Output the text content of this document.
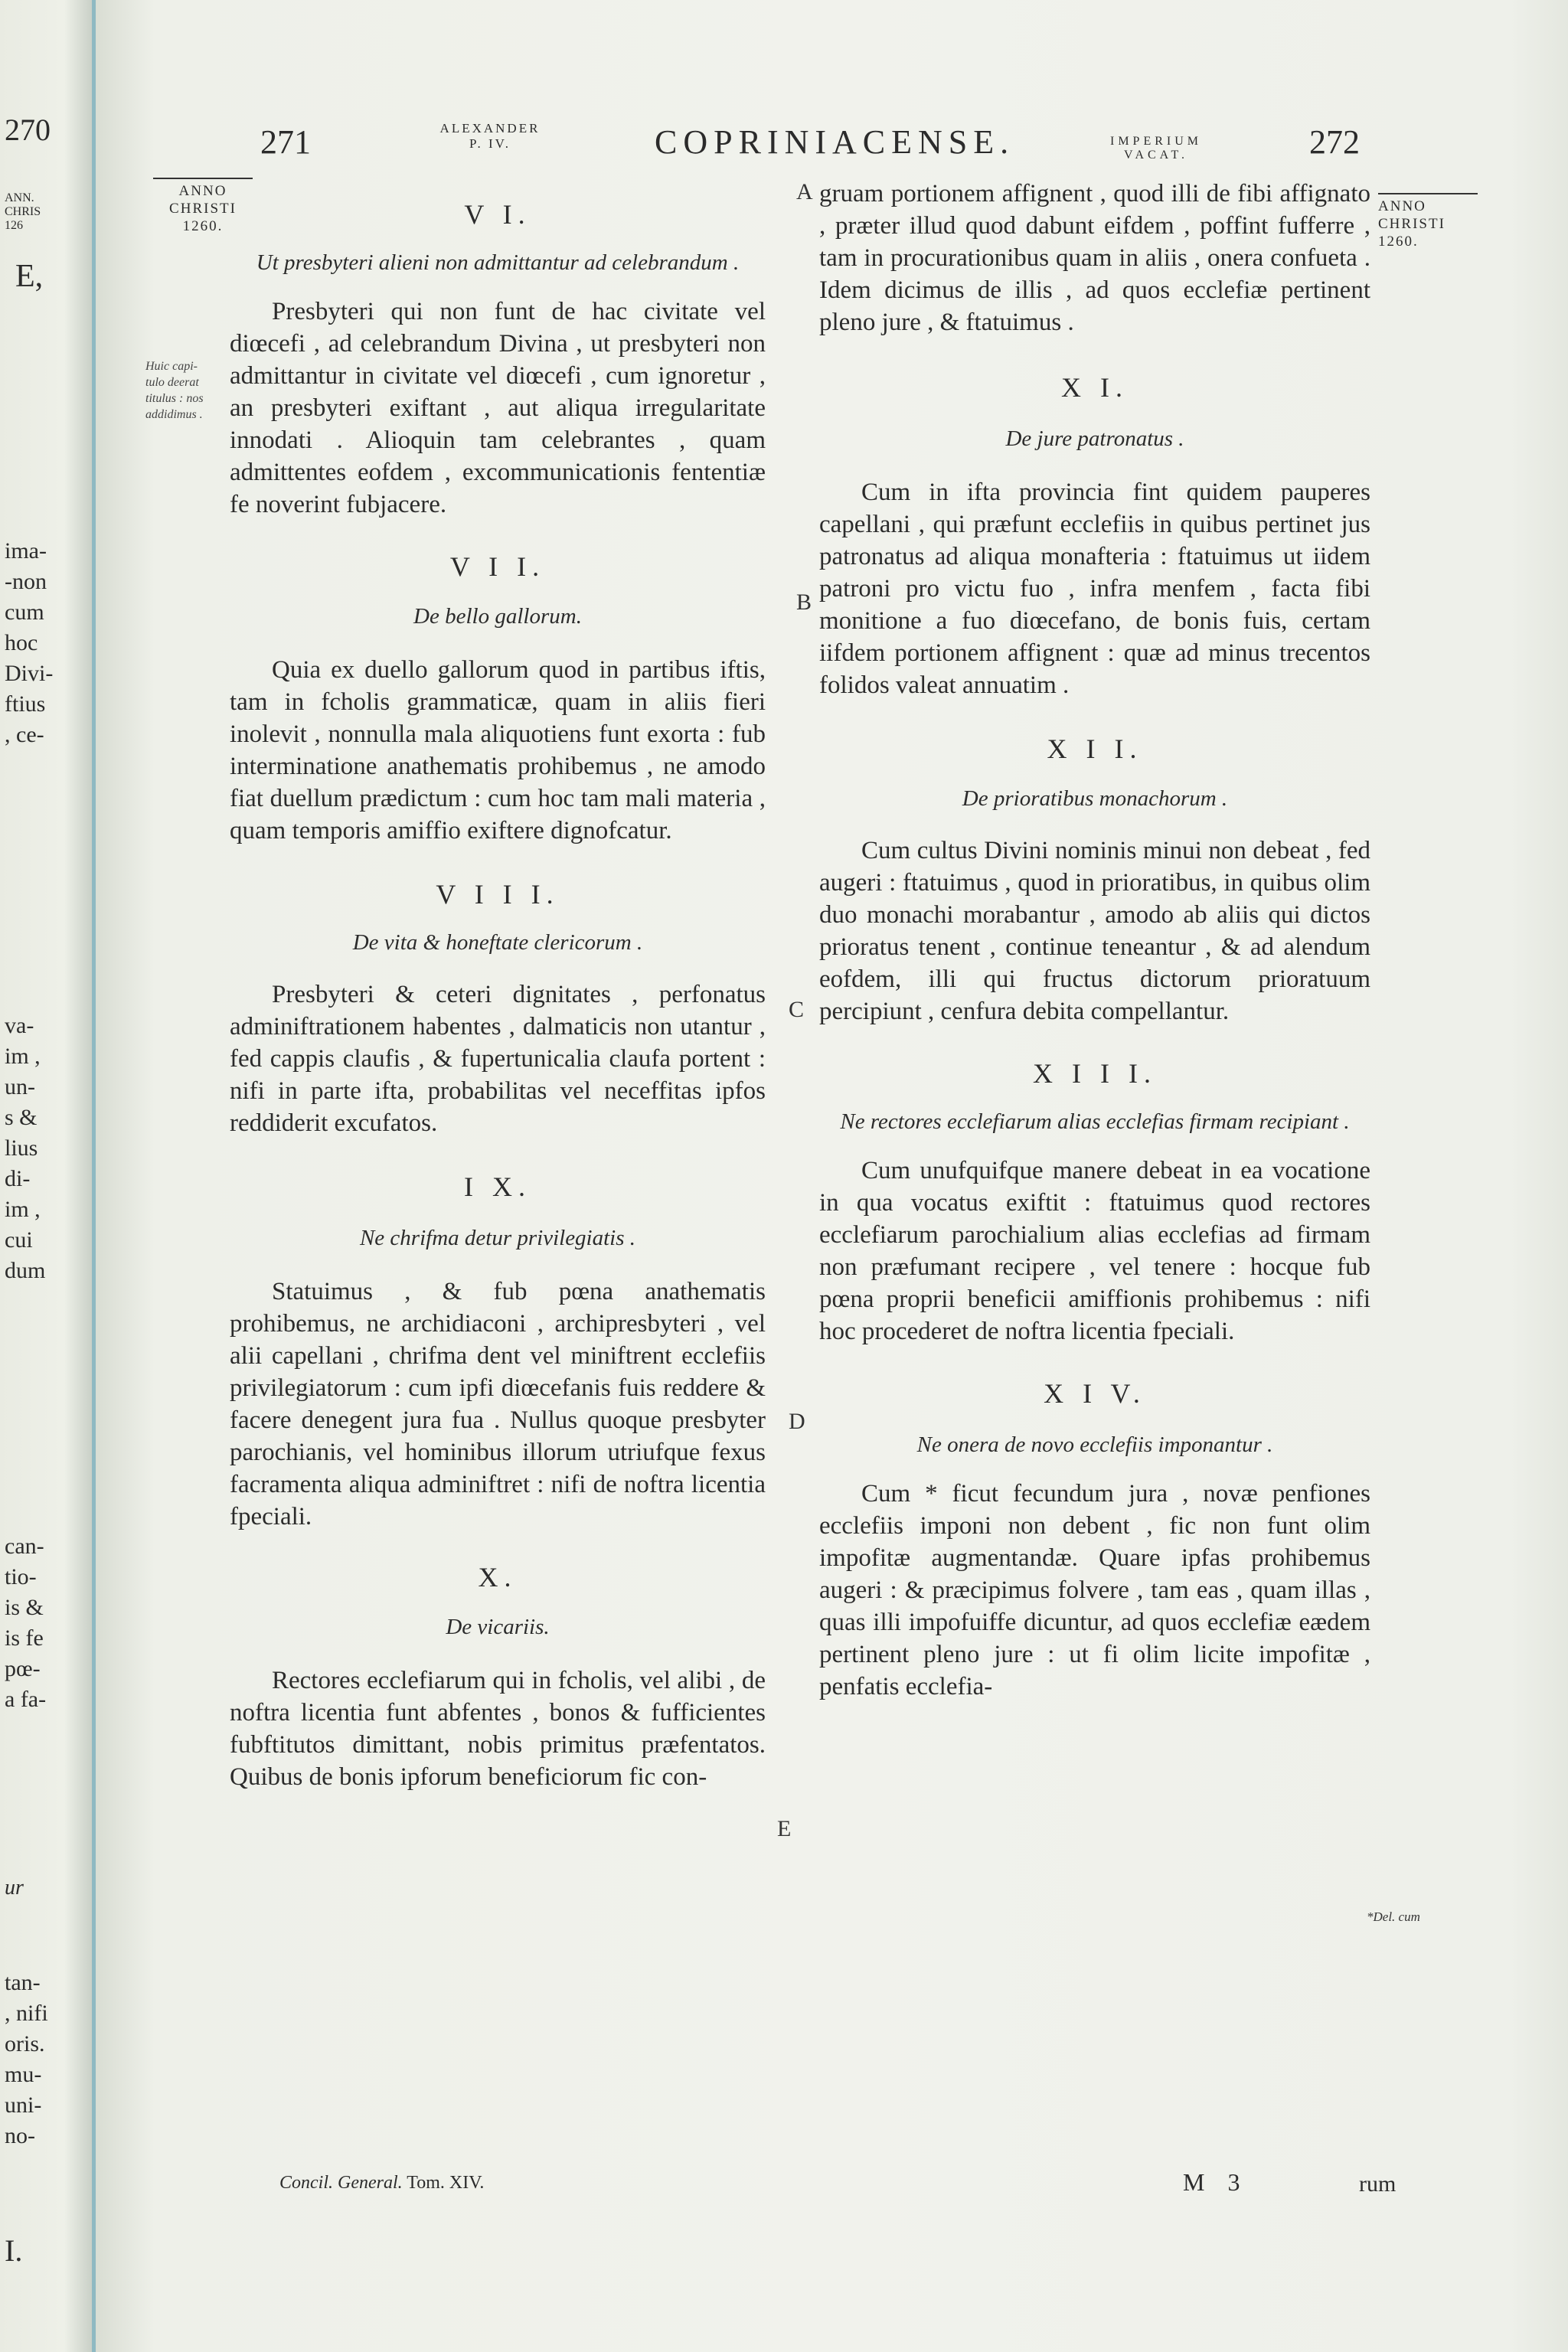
270
ANN.
CHRIS
126
E,
ima-
-non
cum
hoc
Divi-
ftius
, ce-
va-
im ,
un-
s &
lius
di-
im ,
cui
dum
can-
tio-
is &
is fe
pœ-
a fa-
ur
tan-
, nifi
oris.
mu-
uni-
no-
I.
271	ALEXANDER
P. IV.	COPRINIACENSE.	IMPERIUM
VACAT.	272
ANNO
CHRISTI
1260.
ANNO
CHRISTI
1260.
Huic capi-
tulo deerat
titulus : nos
addidimus .
*Del. cum
A
B
C
D
E

V I.

Ut presbyteri alieni non admittantur ad celebrandum .

Presbyteri qui non funt de hac civitate vel diœcefi , ad celebrandum Divina , ut presbyteri non admittantur in civitate vel diœcefi , cum ignoretur , an presbyteri exiftant , aut aliqua irregularitate innodati . Alioquin tam celebrantes , quam admittentes eofdem , excommunicationis fententiæ fe noverint fubjacere.

V I I.

De bello gallorum.

Quia ex duello gallorum quod in partibus iftis, tam in fcholis grammaticæ, quam in aliis fieri inolevit , nonnulla mala aliquotiens funt exorta : fub interminatione anathematis prohibemus , ne amodo fiat duellum prædictum : cum hoc tam mali materia , quam temporis amiffio exiftere dignofcatur.

V I I I.

De vita & honeftate clericorum .

Presbyteri & ceteri dignitates , perfonatus adminiftrationem habentes , dalmaticis non utantur , fed cappis claufis , & fupertunicalia claufa portent : nifi in parte ifta, probabilitas vel neceffitas ipfos reddiderit excufatos.

I X.

Ne chrifma detur privilegiatis .

Statuimus , & fub pœna anathematis prohibemus, ne archidiaconi , archipresbyteri , vel alii capellani , chrifma dent vel miniftrent ecclefiis privilegiatorum : cum ipfi diœcefanis fuis reddere & facere denegent jura fua . Nullus quoque presbyter parochianis, vel hominibus illorum utriufque fexus facramenta aliqua adminiftret : nifi de noftra licentia fpeciali.

X.

De vicariis.

Rectores ecclefiarum qui in fcholis, vel alibi , de noftra licentia funt abfentes , bonos & fufficientes fubftitutos dimittant, nobis primitus præfentatos. Quibus de bonis ipforum beneficiorum fic con-

gruam portionem affignent , quod illi de fibi affignato , præter illud quod dabunt eifdem , poffint fufferre , tam in procurationibus quam in aliis , onera confueta . Idem dicimus de illis , ad quos ecclefiæ pertinent pleno jure , & ftatuimus .

X I.

De jure patronatus .

Cum in ifta provincia fint quidem pauperes capellani , qui præfunt ecclefiis in quibus pertinet jus patronatus ad aliqua monafteria : ftatuimus ut iidem patroni pro victu fuo , infra menfem , facta fibi monitione a fuo diœcefano, de bonis fuis, certam iifdem portionem affignent : quæ ad minus trecentos folidos valeat annuatim .

X I I.

De prioratibus monachorum .

Cum cultus Divini nominis minui non debeat , fed augeri : ftatuimus , quod in prioratibus, in quibus olim duo monachi morabantur , amodo ab aliis qui dictos prioratus tenent , continue teneantur , & ad alendum eofdem, illi qui fructus dictorum prioratuum percipiunt , cenfura debita compellantur.

X I I I.

Ne rectores ecclefiarum alias ecclefias firmam recipiant .

Cum unufquifque manere debeat in ea vocatione in qua vocatus exiftit : ftatuimus quod rectores ecclefiarum parochialium alias ecclefias ad firmam non præfumant recipere , vel tenere : hocque fub pœna proprii beneficii amiffionis prohibemus : nifi hoc procederet de noftra licentia fpeciali.

X I V.

Ne onera de novo ecclefiis imponantur .

Cum * ficut fecundum jura , novæ penfiones ecclefiis imponi non debent , fic non funt olim impofitæ augmentandæ. Quare ipfas prohibemus augeri : & præcipimus folvere , tam eas , quam illas , quas illi impofuiffe dicuntur, ad quos ecclefiæ eædem pertinent pleno jure : ut fi olim licite impofitæ , penfatis ecclefia-

Concil. General. Tom. XIV.	M 3	rum
